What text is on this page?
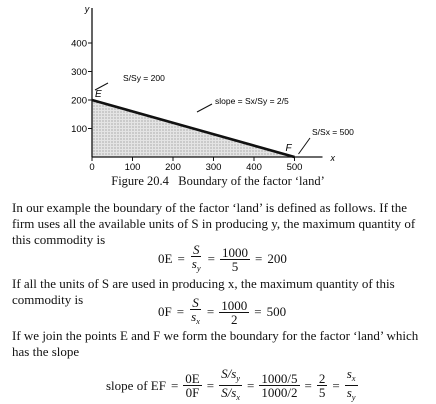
y
x
100
200
300
400
0	100	200	300	400	500
E
F
S/Sy = 200
slope = Sx/Sy = 2/5
S/Sx = 500
Figure 20.4 Boundary of the factor ‘land’
In our example the boundary of the factor ‘land’ is defined as follows. If the firm uses all the available units of S in producing y, the maximum quantity of this commodity is
$0E = \frac{S}{s_y} = \frac{1000}{5} = 200$
If all the units of S are used in producing x, the maximum quantity of this commodity is
$0F = \frac{S}{s_x} = \frac{1000}{2} = 500$
If we join the points E and F we form the boundary for the factor ‘land’ which has the slope
slope of EF = $\frac{0E}{0F} = \frac{S/s_y}{S/s_x} = \frac{1000/5}{1000/2} = \frac{2}{5} = \frac{s_x}{s_y}$
